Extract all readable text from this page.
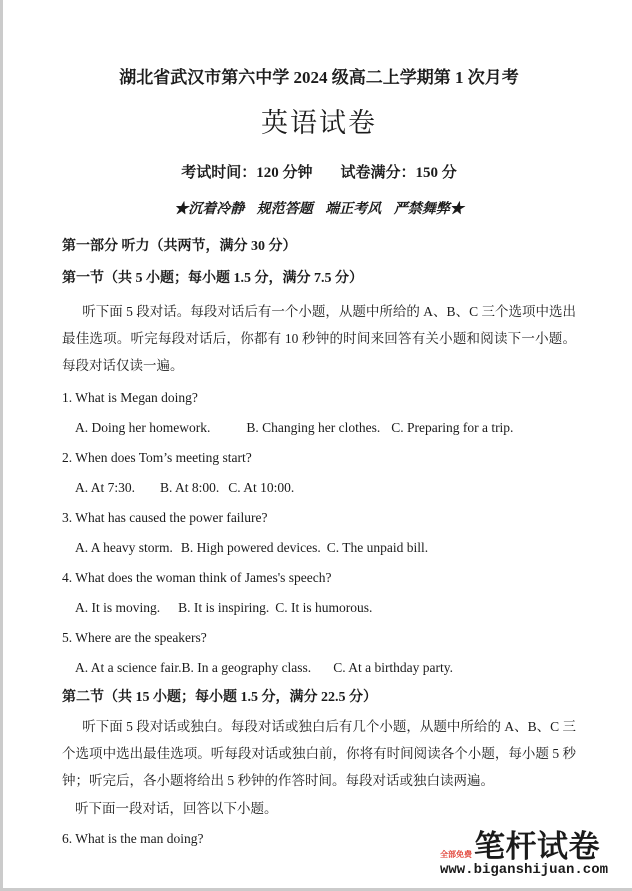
湖北省武汉市第六中学 2024 级高二上学期第 1 次月考

英语试卷

考试时间：120 分钟 试卷满分：150 分

★沉着冷静 规范答题 端正考风 严禁舞弊★

第一部分 听力（共两节，满分 30 分）

第一节（共 5 小题；每小题 1.5 分，满分 7.5 分）

听下面 5 段对话。每段对话后有一个小题，从题中所给的 A、B、C 三个选项中选出最佳选项。听完每段对话后，你都有 10 秒钟的时间来回答有关小题和阅读下一小题。每段对话仅读一遍。

1. What is Megan doing?

A. Doing her homework.	B. Changing her clothes. C. Preparing for a trip.

2. When does Tom’s meeting start?

A. At 7:30. B. At 8:00. C. At 10:00.

3. What has caused the power failure?

A. A heavy storm. B. High powered devices. C. The unpaid bill.

4. What does the woman think of James's speech?

A. It is moving. B. It is inspiring. C. It is humorous.

5. Where are the speakers?

A. At a science fair.B. In a geography class. C. At a birthday party.

第二节（共 15 小题；每小题 1.5 分，满分 22.5 分）

听下面 5 段对话或独白。每段对话或独白后有几个小题，从题中所给的 A、B、C 三个选项中选出最佳选项。听每段对话或独白前，你将有时间阅读各个小题，每小题 5 秒钟；听完后，各小题将给出 5 秒钟的作答时间。每段对话或独白读两遍。

听下面一段对话，回答以下小题。

6. What is the man doing?	笔杆试卷
全部免费
www.biganshijuan.com
